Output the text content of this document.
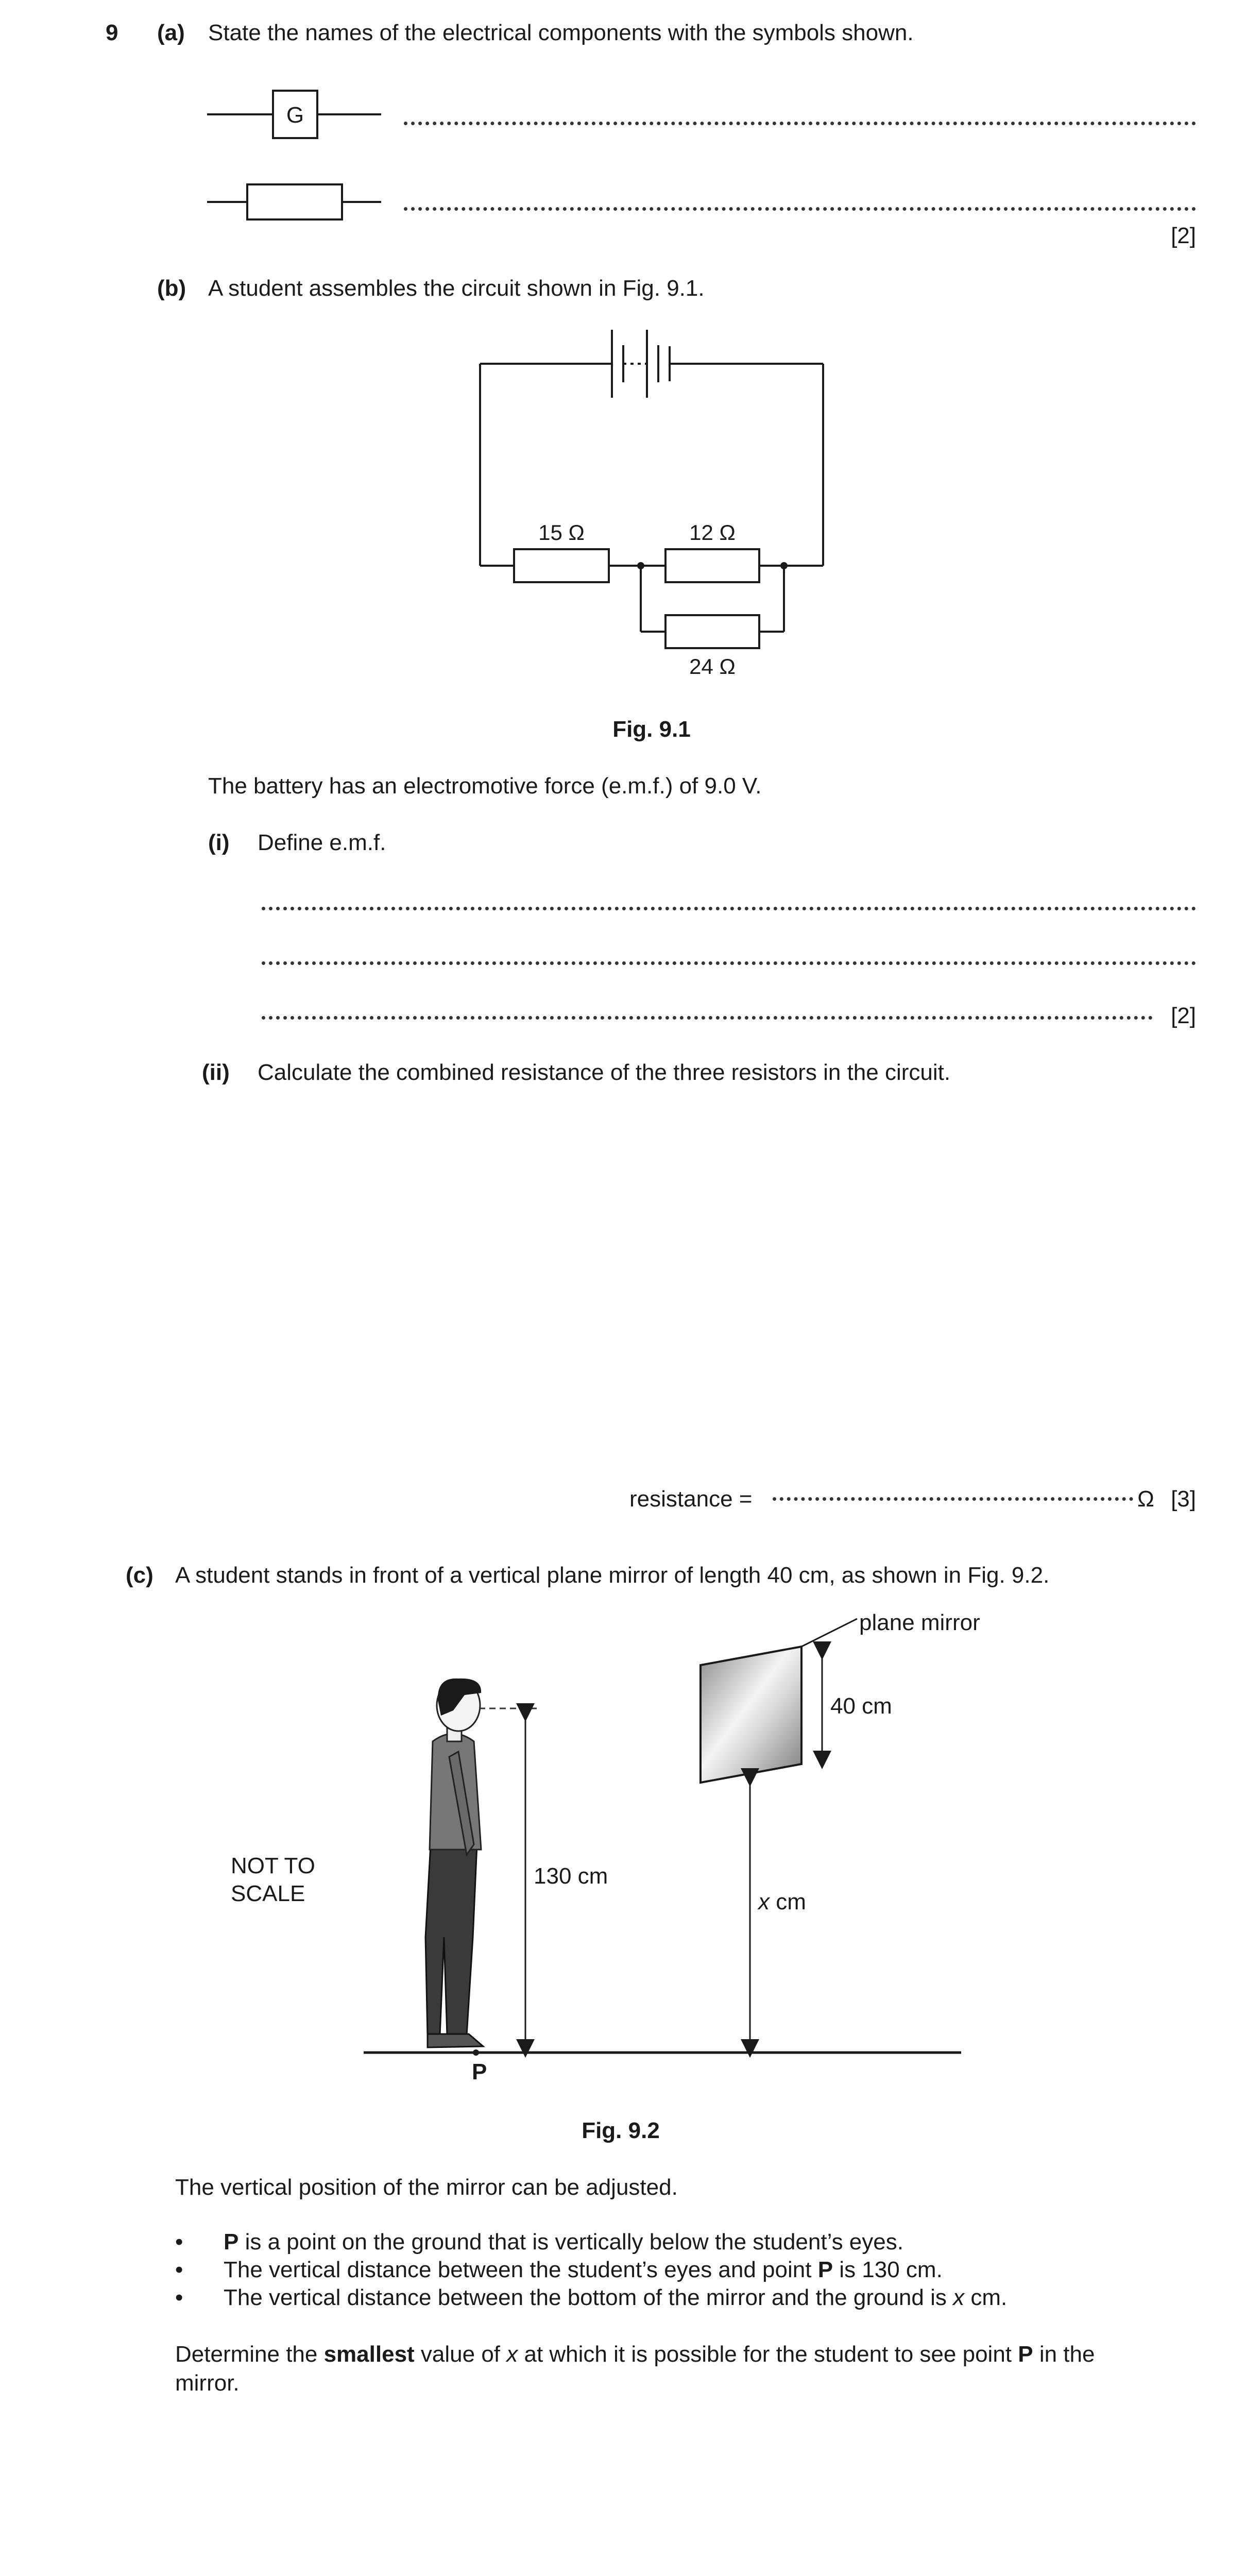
9 (a) State the names of the electrical components with the symbols shown.
G
[2]
(b) A student assembles the circuit shown in Fig. 9.1.
15 Ω	12 Ω
24 Ω
Fig. 9.1
The battery has an electromotive force (e.m.f.) of 9.0 V.
(i) Define e.m.f.
[2]
(ii) Calculate the combined resistance of the three resistors in the circuit.
resistance =	Ω [3]
(c) A student stands in front of a vertical plane mirror of length 40 cm, as shown in Fig. 9.2.
plane mirror
40 cm
130 cm
x cm
NOT TO
SCALE
P
Fig. 9.2
The vertical position of the mirror can be adjusted.
• P is a point on the ground that is vertically below the student’s eyes.
• The vertical distance between the student’s eyes and point P is 130 cm.
• The vertical distance between the bottom of the mirror and the ground is x cm.
Determine the smallest value of x at which it is possible for the student to see point P in the
mirror.
